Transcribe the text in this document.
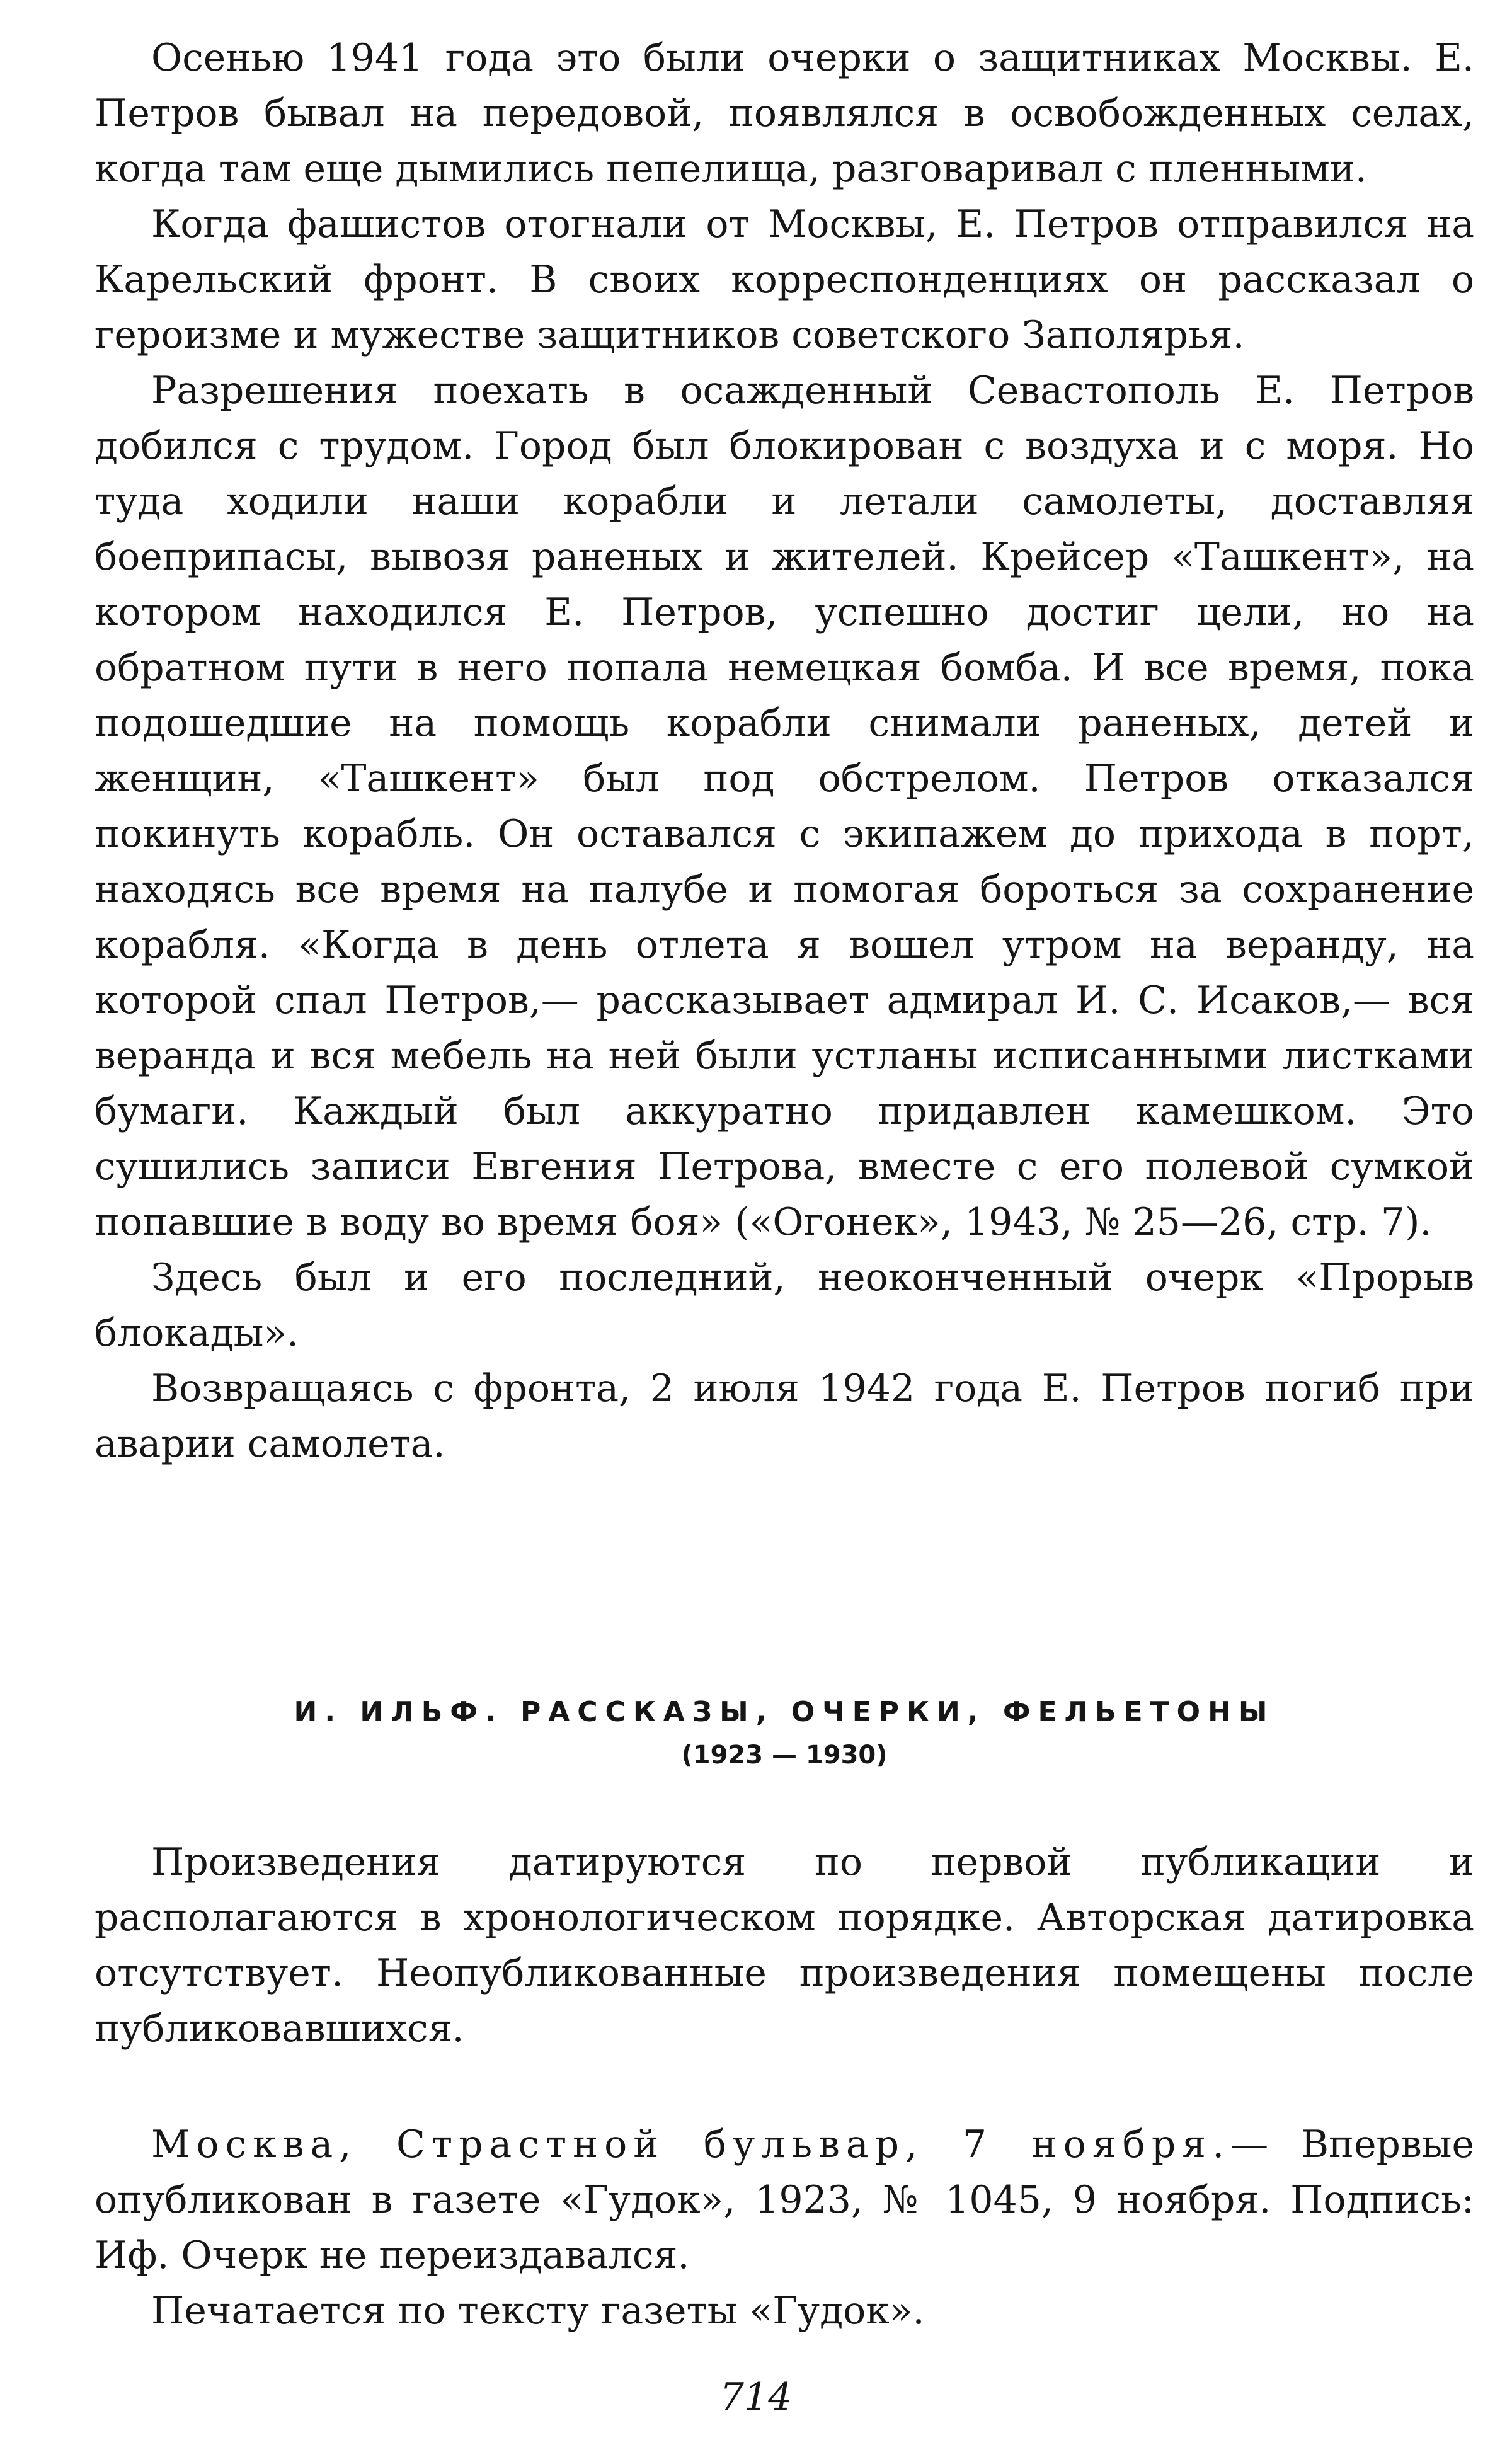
Осенью 1941 года это были очерки о защитниках Москвы. Е. Петров бывал на передовой, появлялся в освобожденных селах, когда там еще дымились пепелища, разговаривал с пленными.

Когда фашистов отогнали от Москвы, Е. Петров отправился на Карельский фронт. В своих корреспонденциях он рассказал о героизме и мужестве защитников советского Заполярья.

Разрешения поехать в осажденный Севастополь Е. Петров добился с трудом. Город был блокирован с воздуха и с моря. Но туда ходили наши корабли и летали самолеты, доставляя боеприпасы, вывозя раненых и жителей. Крейсер «Ташкент», на котором находился Е. Петров, успешно достиг цели, но на обратном пути в него попала немецкая бомба. И все время, пока подошедшие на помощь корабли снимали раненых, детей и женщин, «Ташкент» был под обстрелом. Петров отказался покинуть корабль. Он оставался с экипажем до прихода в порт, находясь все время на палубе и помогая бороться за сохранение корабля. «Когда в день отлета я вошел утром на веранду, на которой спал Петров,— рассказывает адмирал И. С. Исаков,— вся веранда и вся мебель на ней были устланы исписанными листками бумаги. Каждый был аккуратно придавлен камешком. Это сушились записи Евгения Петрова, вместе с его полевой сумкой попавшие в воду во время боя» («Огонек», 1943, № 25—26, стр. 7).

Здесь был и его последний, неоконченный очерк «Прорыв блокады».

Возвращаясь с фронта, 2 июля 1942 года Е. Петров погиб при аварии самолета.

И. ИЛЬФ. РАССКАЗЫ, ОЧЕРКИ, ФЕЛЬЕТОНЫ

(1923 — 1930)

Произведения датируются по первой публикации и располагаются в хронологическом порядке. Авторская датировка отсутствует. Неопубликованные произведения помещены после публиковавшихся.

Москва, Страстной бульвар, 7 ноября.— Впервые опубликован в газете «Гудок», 1923, № 1045, 9 ноября. Подпись: Иф. Очерк не переиздавался.

Печатается по тексту газеты «Гудок».

714
